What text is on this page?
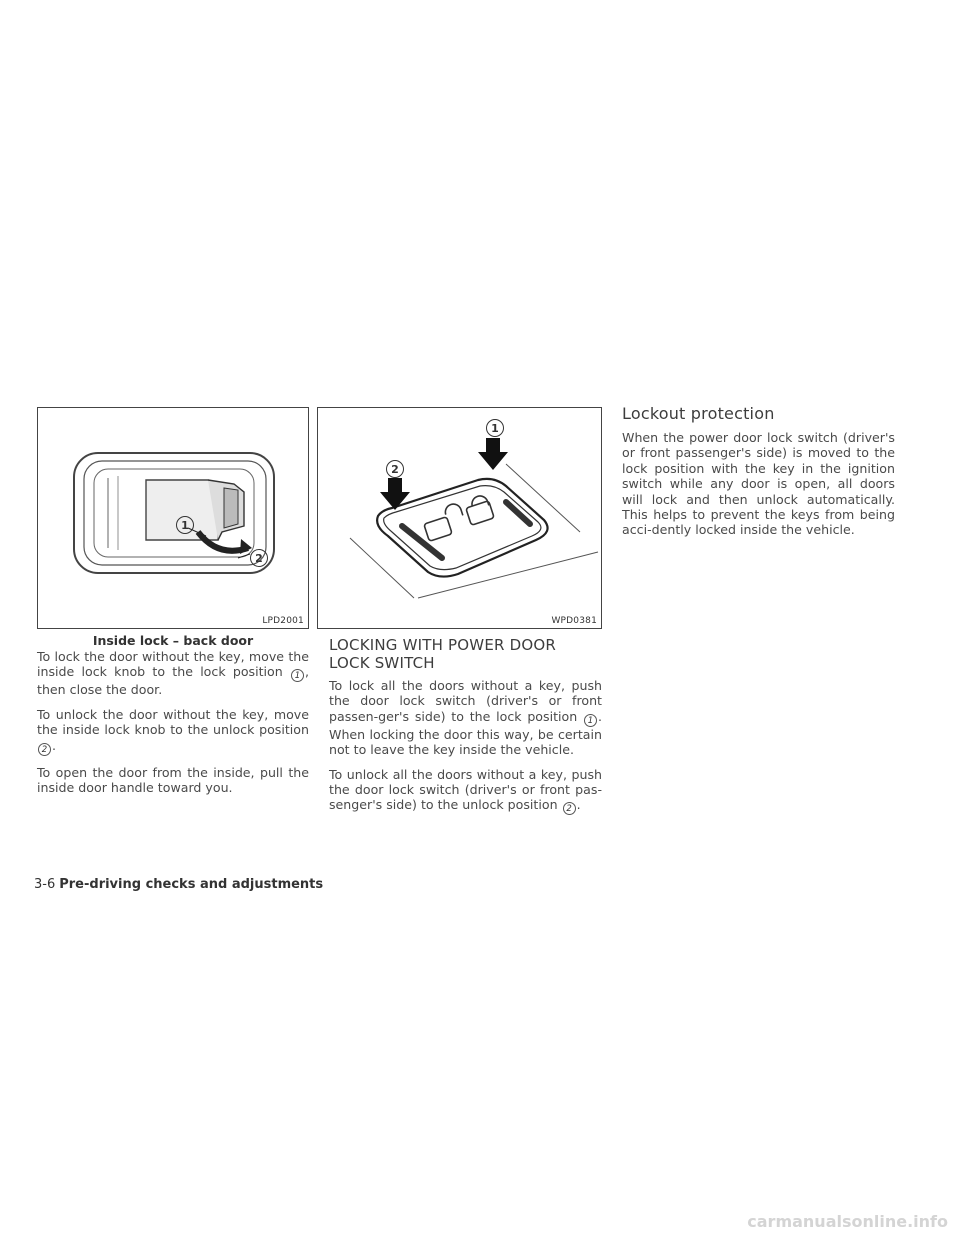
1
2
LPD2001
Inside lock – back door
1
2
WPD0381

To lock the door without the key, move the inside lock knob to the lock position 1 , then close the door.

To unlock the door without the key, move the inside lock knob to the unlock position 2 .

To open the door from the inside, pull the inside door handle toward you.

LOCKING WITH POWER DOOR
LOCK SWITCH

To lock all the doors without a key, push the door lock switch (driver's or front passen-ger's side) to the lock position 1 . When locking the door this way, be certain not to leave the key inside the vehicle.

To unlock all the doors without a key, push the door lock switch (driver's or front pas-senger's side) to the unlock position 2 .

Lockout protection

When the power door lock switch (driver's or front passenger's side) is moved to the lock position with the key in the ignition switch while any door is open, all doors will lock and then unlock automatically. This helps to prevent the keys from being acci-dently locked inside the vehicle.

3-6 Pre-driving checks and adjustments
carmanualsonline.info
